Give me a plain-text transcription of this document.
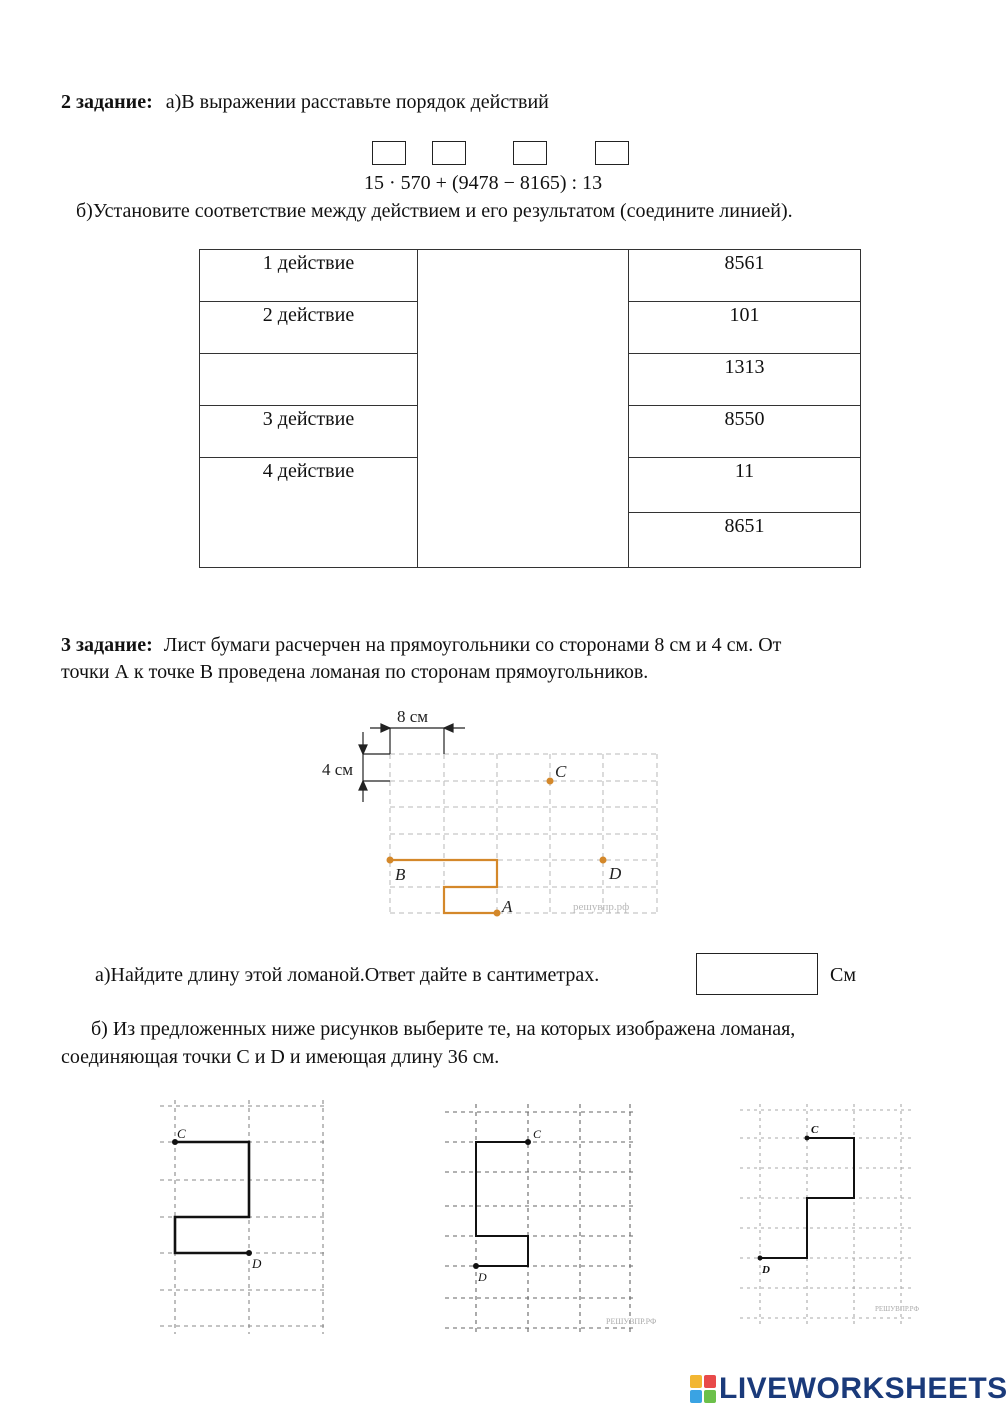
2 задание: а)В выражении расставьте порядок действий
15 · 570 + (9478 − 8165) : 13
б)Установите соответствие между действием и его результатом (соедините линией).
1 действие		8561
2 действие		101
		1313
3 действие		8550
4 действие		11
		8651
3 задание: Лист бумаги расчерчен на прямоугольники со сторонами 8 см и 4 см. От
точки А к точке В проведена ломаная по сторонам прямоугольников.
8 см
4 см
B
A
C
D
решувпр.рф
а)Найдите длину этой ломаной.Ответ дайте в сантиметрах.	См
б) Из предложенных ниже рисунков выберите те, на которых изображена ломаная,
соединяющая точки С и D и имеющая длину 36 см.
C
D
C
D
РЕШУВПР.РФ
C
D
РЕШУВПР.РФ
LIVEWORKSHEETS
